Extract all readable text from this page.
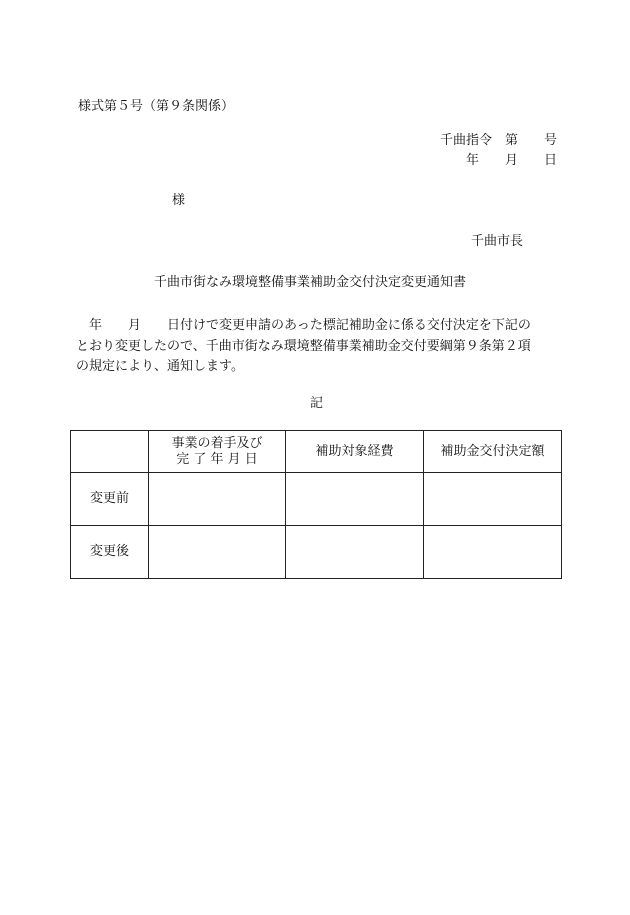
様式第５号（第９条関係）
千曲指令　第　　号
年　　月　　日
様
千曲市長
千曲市街なみ環境整備事業補助金交付決定変更通知書
　年　　月　　日付けで変更申請のあった標記補助金に係る交付決定を下記の
とおり変更したので、千曲市街なみ環境整備事業補助金交付要綱第９条第２項
の規定により、通知します。
記

	事業の着手及び
完 了 年 月 日	補助対象経費	補助金交付決定額
変更前			
変更後			
